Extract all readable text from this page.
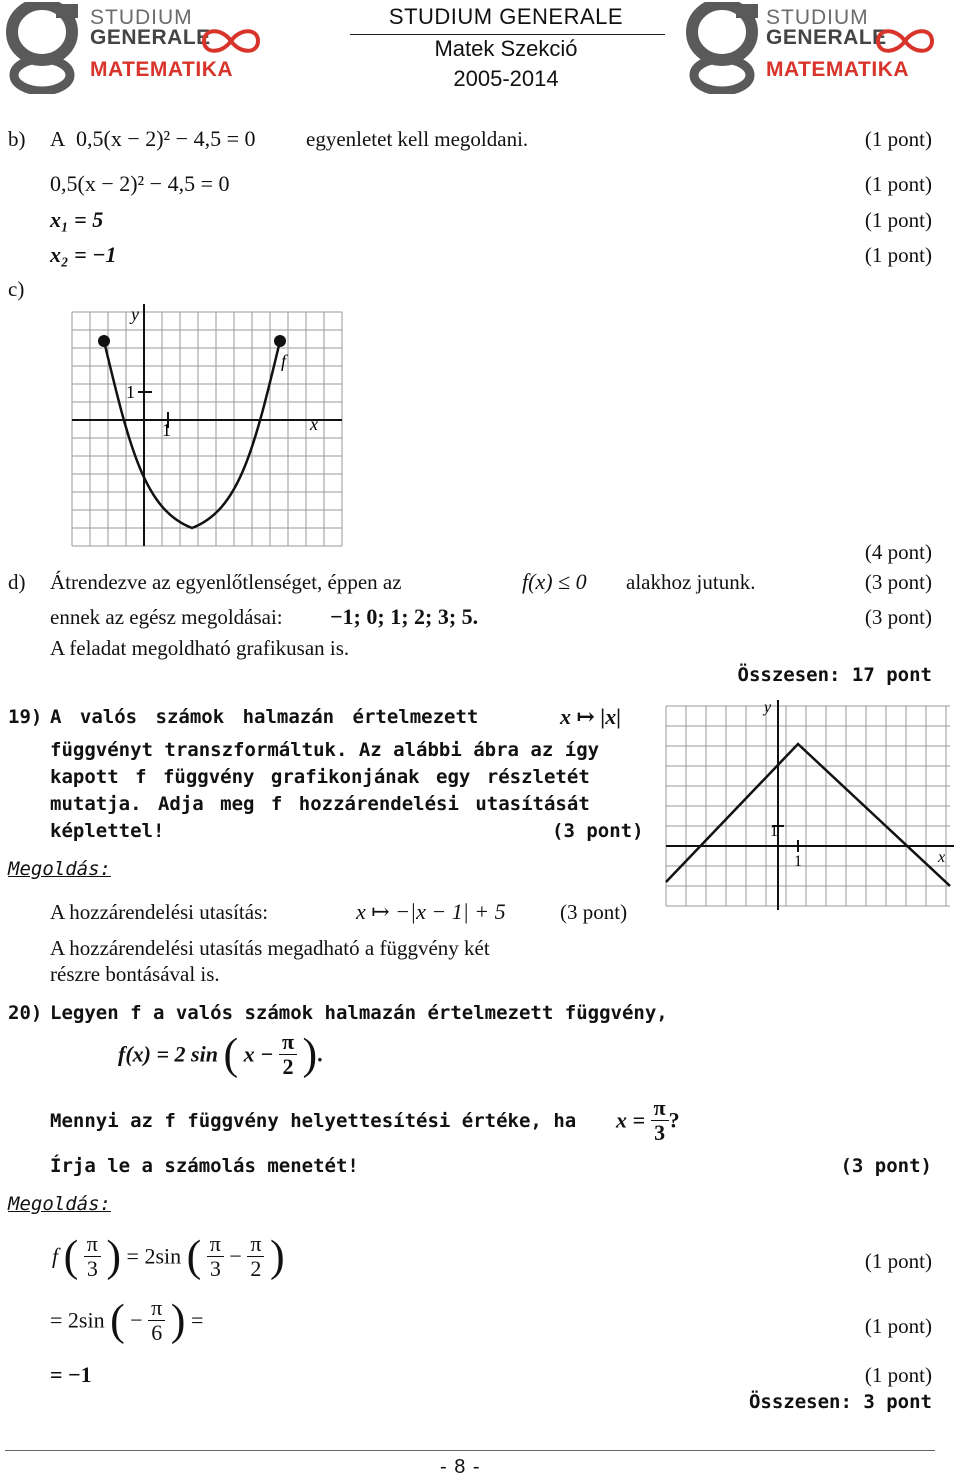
STUDIUM
GENERALE
MATEMATIKA
STUDIUM GENERALE
Matek Szekció
2005-2014
STUDIUM
GENERALE
MATEMATIKA
b) A 0,5(x − 2)² − 4,5 = 0 egyenletet kell megoldani.	(1 pont)
0,5(x − 2)² − 4,5 = 0	(1 pont)
x₁ = 5	(1 pont)
x₂ = −1	(1 pont)
c)
y
x
f
1
1
(4 pont)
d) Átrendezve az egyenlőtlenséget, éppen az	f(x) ≤ 0 alakhoz jutunk.	(3 pont)
ennek az egész megoldásai: −1; 0; 1; 2; 3; 5.	(3 pont)
A feladat megoldható grafikusan is.
Összesen: 17 pont
19) A valós számok halmazán értelmezett	x ↦ |x|
függvényt transzformáltuk. Az alábbi ábra az így
kapott f függvény grafikonjának egy részletét
mutatja. Adja meg f hozzárendelési utasítását
képlettel!	(3 pont)
Megoldás:
A hozzárendelési utasítás:	x ↦ −|x − 1| + 5	(3 pont)
A hozzárendelési utasítás megadható a függvény két
részre bontásával is.
y
x
1
1
20) Legyen f a valós számok halmazán értelmezett függvény,
f(x) = 2 sin ( $x - \frac{\pi}{2}$ ).
Mennyi az f függvény helyettesítési értéke, ha $x = \frac{\pi}{3}$ ?
Írja le a számolás menetét!	(3 pont)
Megoldás:
f ( $\frac{\pi}{3}$ ) = 2sin ( $\frac{\pi}{3} - \frac{\pi}{2}$ )	(1 pont)
= 2sin ( − $\frac{\pi}{6}$ ) =	(1 pont)
= −1	(1 pont)
Összesen: 3 pont
- 8 -
